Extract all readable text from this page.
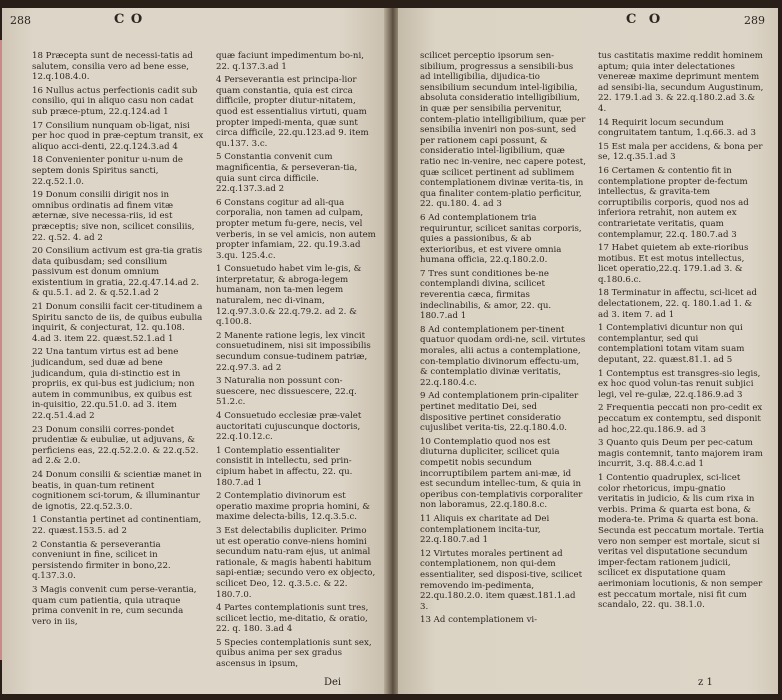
288	C O

18 Præcepta sunt de necessi-tatis ad salutem, consilia vero ad bene esse, 12.q.108.4.0.

16 Nullus actus perfectionis cadit sub consilio, qui in aliquo casu non cadat sub præce-ptum, 22.q.124.ad 1

17 Consilium nunquam ob-ligat, nisi per hoc quod in præ-ceptum transit, ex aliquo acci-denti, 22.q.124.3.ad 4

18 Convenienter ponitur u-num de septem donis Spiritus sancti, 22.q.52.1.0.

19 Donum consilii dirigit nos in omnibus ordinatis ad finem vitæ æternæ, sive necessa-riis, id est præceptis; sive non, scilicet consiliis, 22. q.52. 4. ad 2

20 Consilium activum est gra-tia gratis data quibusdam; sed consilium passivum est donum omnium existentium in gratia, 22.q.47.14.ad 2. & qu.5.1. ad 2. & q.52.1.ad 2

21 Donum consilii facit cer-titudinem a Spiritu sancto de iis, de quibus eubulia inquirit, & conjecturat, 12. qu.108. 4.ad 3. item 22. quæst.52.1.ad 1

22 Una tantum virtus est ad bene judicandum, sed duæ ad bene judicandum, quia di-stinctio est in propriis, ex qui-bus est judicium; non autem in communibus, ex quibus est in-quisitio, 22.qu.51.0. ad 3. item 22.q.51.4.ad 2

23 Donum consilii corres-pondet prudentiæ & eubuliæ, ut adjuvans, & perficiens eas, 22.q.52.2.0. & 22.q.52. ad 2.& 2.0.

24 Donum consilii & scientiæ manet in beatis, in quan-tum retinent cognitionem sci-torum, & illuminantur de ignotis, 22.q.52.3.0.

1 Constantia pertinet ad continentiam, 22. quæst.153.5. ad 2

2 Constantia & perseverantia conveniunt in fine, scilicet in persistendo firmiter in bono,22. q.137.3.0.

3 Magis convenit cum perse-verantia, quam cum patientia, quia utraque prima convenit in re, cum secunda vero in iis,

quæ faciunt impedimentum bo-ni, 22. q.137.3.ad 1

4 Perseverantia est principa-lior quam constantia, quia est circa difficile, propter diutur-nitatem, quod est essentialius virtuti, quam propter impedi-menta, quæ sunt circa difficile, 22.qu.123.ad 9. item qu.137. 3.c.

5 Constantia convenit cum magnificentia, & perseveran-tia, quia sunt circa difficile. 22.q.137.3.ad 2

6 Constans cogitur ad ali-qua corporalia, non tamen ad culpam, propter metum fu-gere, necis, vel verberis, in se vel amicis, non autem propter infamiam, 22. qu.19.3.ad 3.qu. 125.4.c.

1 Consuetudo habet vim le-gis, & interpretatur, & abroga-legem humanam, non ta-men legem naturalem, nec di-vinam, 12.q.97.3.0.& 22.q.79.2. ad 2. & q.100.8.

2 Manente ratione legis, lex vincit consuetudinem, nisi sit impossibilis secundum consue-tudinem patriæ, 22.q.97.3. ad 2

3 Naturalia non possunt con-suescere, nec dissuescere, 22.q. 51.2.c.

4 Consuetudo ecclesiæ præ-valet auctoritati cujuscunque doctoris, 22.q.10.12.c.

1 Contemplatio essentialiter consistit in intellectu, sed prin-cipium habet in affectu, 22. qu. 180.7.ad 1

2 Contemplatio divinorum est operatio maxime propria homini, & maxime delecta-bilis, 12.q.3.5.c.

3 Est delectabilis dupliciter. Primo ut est operatio conve-niens homini secundum natu-ram ejus, ut animal rationale, & magis habenti habitum sapi-entiæ; secundo vero ex objecto, scilicet Deo, 12. q.3.5.c. & 22. 180.7.0.

4 Partes contemplationis sunt tres, scilicet lectio, me-ditatio, & oratio, 22. q. 180. 3.ad 4

5 Species contemplationis sunt sex, quibus anima per sex gradus ascensus in ipsum,

Dei
C O	289

scilicet perceptio ipsorum sen-sibilium, progressus a sensibili-bus ad intelligibilia, dijudica-tio sensibilium secundum intel-ligibilia, absoluta consideratio intelligibilium, in quæ per sensibilia pervenitur, contem-platio intelligibilium, quæ per sensibilia inveniri non pos-sunt, sed per rationem capi possunt, & consideratio intel-ligibilium, quæ ratio nec in-venire, nec capere potest, quæ scilicet pertinent ad sublimem contemplationem divinæ verita-tis, in qua finaliter contem-platio perficitur, 22. qu.180. 4. ad 3

6 Ad contemplationem tria requiruntur, scilicet sanitas corporis, quies a passionibus, & ab exterioribus, et est vivere omnia humana officia, 22.q.180.2.0.

7 Tres sunt conditiones be-ne contemplandi divina, scilicet reverentia cæca, firmitas indeclinabilis, & amor, 22. qu. 180.7.ad 1

8 Ad contemplationem per-tinent quatuor quodam ordi-ne, scil. virtutes morales, alii actus a contemplatione, con-templatio divinorum effectu-um, & contemplatio divinæ veritatis, 22.q.180.4.c.

9 Ad contemplationem prin-cipaliter pertinet meditatio Dei, sed dispositive pertinet consideratio cujuslibet verita-tis, 22.q.180.4.0.

10 Contemplatio quod nos est diuturna dupliciter, scilicet quia competit nobis secundum incorruptibilem partem ani-mæ, id est secundum intellec-tum, & quia in operibus con-templativis corporaliter non laboramus, 22.q.180.8.c.

11 Aliquis ex charitate ad Dei contemplationem incita-tur, 22.q.180.7.ad 1

12 Virtutes morales pertinent ad contemplationem, non qui-dem essentialiter, sed disposi-tive, scilicet removendo im-pedimenta, 22.qu.180.2.0. item quæst.181.1.ad 3.

13 Ad contemplationem vi-

tus castitatis maxime reddit hominem aptum; quia inter delectationes venereæ maxime deprimunt mentem ad sensibi-lia, secundum Augustinum, 22. 179.1.ad 3. & 22.q.180.2.ad 3.& 4.

14 Requirit locum secundum congruitatem tantum, 1.q.66.3. ad 3

15 Est mala per accidens, & bona per se, 12.q.35.1.ad 3

16 Certamen & contentio fit in contemplatione propter de-fectum intellectus, & gravita-tem corruptibilis corporis, quod nos ad inferiora retrahit, non autem ex contrarietate veritatis, quam contemplamur, 22.q. 180.7.ad 3

17 Habet quietem ab exte-rioribus motibus. Et est motus intellectus, licet operatio,22.q. 179.1.ad 3. & q.180.6.c.

18 Terminatur in affectu, sci-licet ad delectationem, 22. q. 180.1.ad 1. & ad 3. item 7. ad 1

1 Contemplativi dicuntur non qui contemplantur, sed qui contemplationi totam vitam suam deputant, 22. quæst.81.1. ad 5

1 Contemptus est transgres-sio legis, ex hoc quod volun-tas renuit subjici legi, vel re-gulæ, 22.q.186.9.ad 3

2 Frequentia peccati non pro-cedit ex peccatum ex contemptu, sed disponit ad hoc,22.qu.186.9. ad 3

3 Quanto quis Deum per pec-catum magis contemnit, tanto majorem iram incurrit, 3.q. 88.4.c.ad 1

1 Contentio quadruplex, sci-licet color rhetoricus, impu-gnatio veritatis in judicio, & lis cum rixa in verbis. Prima & quarta est bona, & modera-te. Prima & quarta est bona. Secunda est peccatum mortale. Tertia vero non semper est mortale, sicut si veritas vel disputatione secundum imper-fectam rationem judicii, scilicet ex disputatione quam aerimoniam locutionis, & non semper est peccatum mortale, nisi fit cum scandalo, 22. qu. 38.1.0.

z 1
